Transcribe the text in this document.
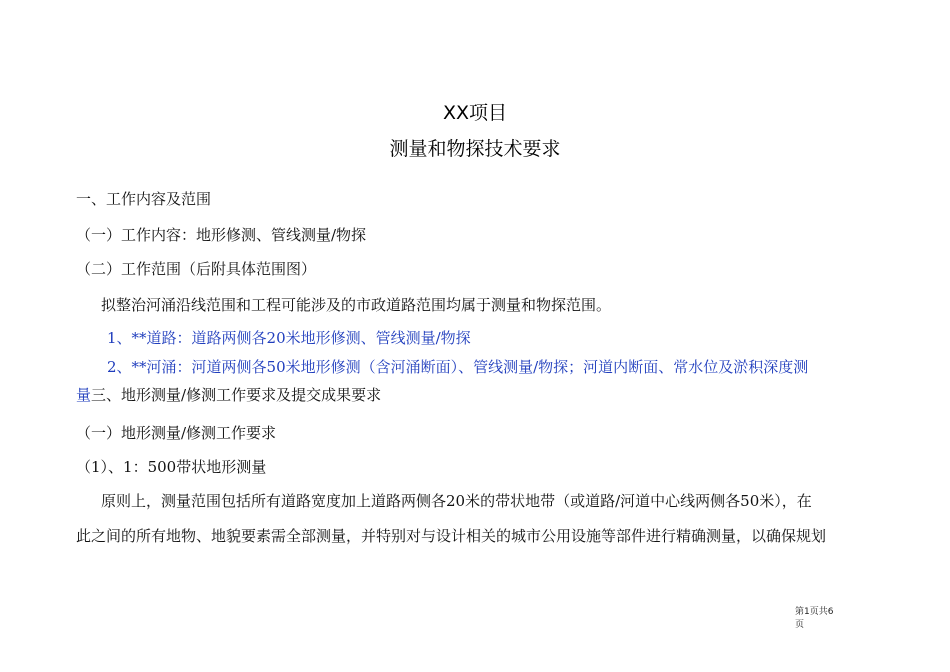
XX项目
测量和物探技术要求
一、工作内容及范围
（一）工作内容：地形修测、管线测量/物探
（二）工作范围（后附具体范围图）
拟整治河涌沿线范围和工程可能涉及的市政道路范围均属于测量和物探范围。
1、**道路：道路两侧各20米地形修测、管线测量/物探
2、**河涌：河道两侧各50米地形修测（含河涌断面）、管线测量/物探；河道内断面、常水位及淤积深度测
量三、地形测量/修测工作要求及提交成果要求
（一）地形测量/修测工作要求
（1）、1：500带状地形测量
原则上，测量范围包括所有道路宽度加上道路两侧各20米的带状地带（或道路/河道中心线两侧各50米），在
此之间的所有地物、地貌要素需全部测量，并特别对与设计相关的城市公用设施等部件进行精确测量，以确保规划
第1页共6
页
